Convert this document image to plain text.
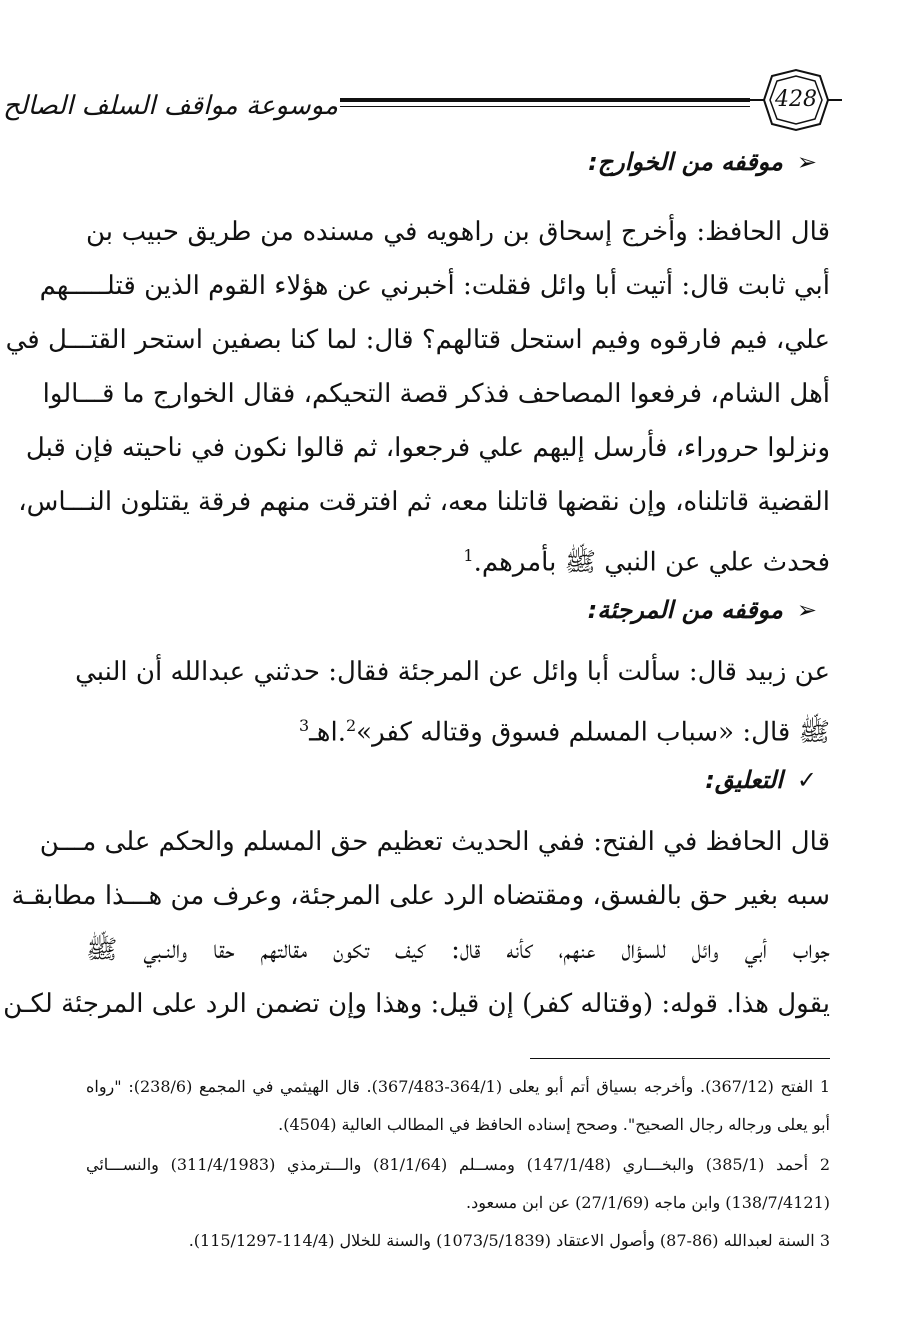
428
موسوعة مواقف السلف الصالح
➢موقفه من الخوارج:
قال الحافظ: وأخرج إسحاق بن راهويه في مسنده من طريق حبيب بن
أبي ثابت قال: أتيت أبا وائل فقلت: أخبرني عن هؤلاء القوم الذين قتلـــــهم
علي، فيم فارقوه وفيم استحل قتالهم؟ قال: لما كنا بصفين استحر القتـــل في
أهل الشام، فرفعوا المصاحف فذكر قصة التحيكم، فقال الخوارج ما قـــالوا
ونزلوا حروراء، فأرسل إليهم علي فرجعوا، ثم قالوا نكون في ناحيته فإن قبل
القضية قاتلناه، وإن نقضها قاتلنا معه، ثم افترقت منهم فرقة يقتلون النـــاس،
فحدث علي عن النبي ﷺ بأمرهم.$^1$
➢موقفه من المرجئة:
عن زبيد قال: سألت أبا وائل عن المرجئة فقال: حدثني عبدالله أن النبي
ﷺ قال: «سباب المسلم فسوق وقتاله كفر»$^2$.اهـ$^3$
✓التعليق:
قال الحافظ في الفتح: ففي الحديث تعظيم حق المسلم والحكم على مـــن
سبه بغير حق بالفسق، ومقتضاه الرد على المرجئة، وعرف من هـــذا مطابقـة
جواب أبي وائل للسؤال عنهم، كأنه قال: كيف تكون مقالتهم حقا والنـبي ﷺ
يقول هذا. قوله: (وقتاله كفر) إن قيل: وهذا وإن تضمن الرد على المرجئة لكـن
1 الفتح (367/12). وأخرجه بسياق أتم أبو يعلى (364/1-367/483). قال الهيثمي في المجمع (238/6): "رواه
أبو يعلى ورجاله رجال الصحيح". وصحح إسناده الحافظ في المطالب العالية (4504).
2 أحمد (385/1) والبخـــاري (147/1/48) ومســلم (81/1/64) والـــترمذي (311/4/1983) والنســـائي
(138/7/4121) وابن ماجه (27/1/69) عن ابن مسعود.
3 السنة لعبدالله (86-87) وأصول الاعتقاد (1073/5/1839) والسنة للخلال (114/4-115/1297).
